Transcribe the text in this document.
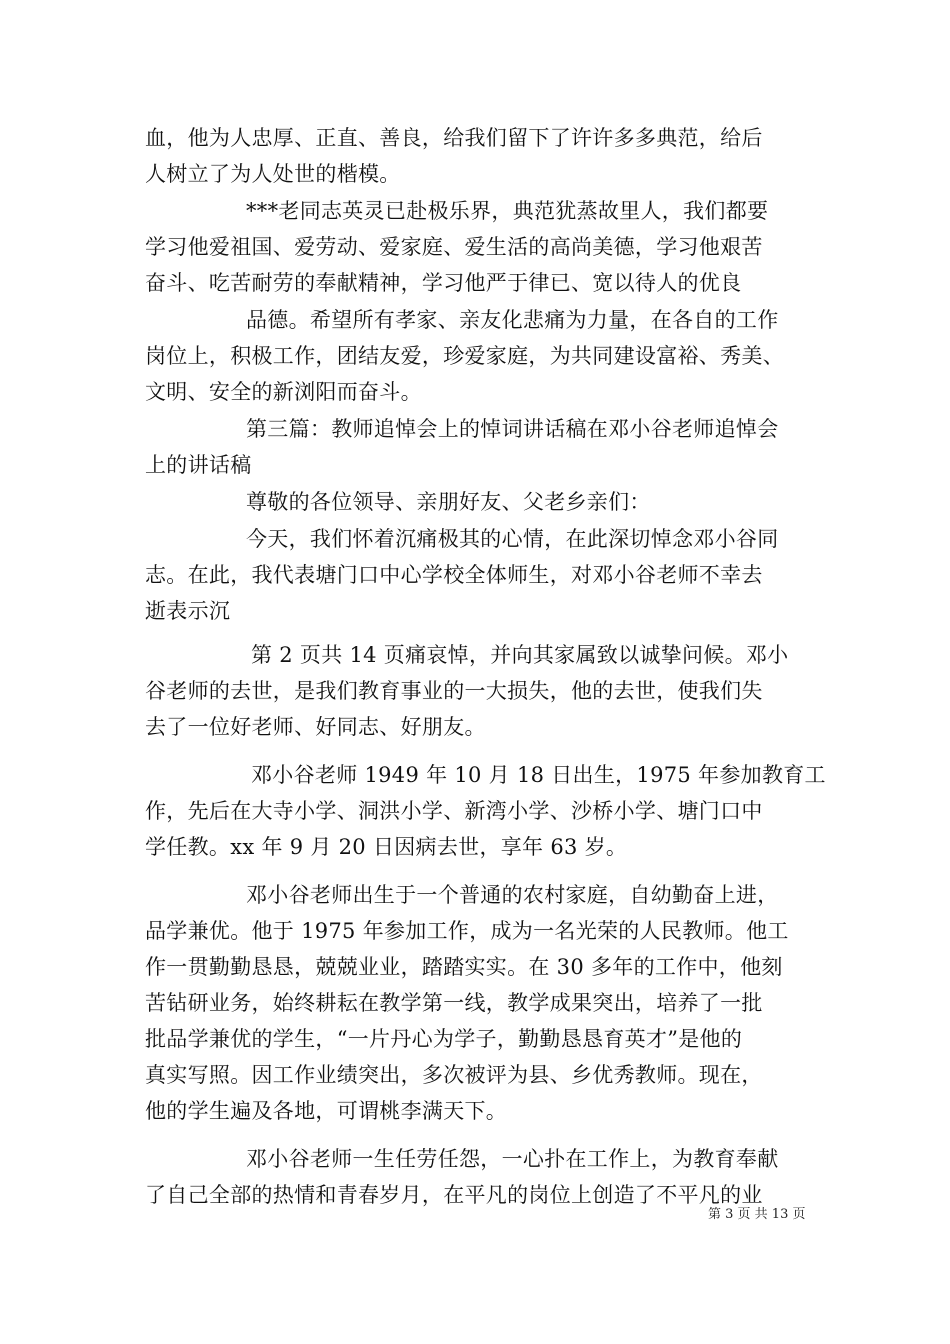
血，他为人忠厚、正直、善良，给我们留下了许许多多典范，给后
人树立了为人处世的楷模。
***老同志英灵已赴极乐界，典范犹蒸故里人，我们都要
学习他爱祖国、爱劳动、爱家庭、爱生活的高尚美德，学习他艰苦
奋斗、吃苦耐劳的奉献精神，学习他严于律已、宽以待人的优良
品德。希望所有孝家、亲友化悲痛为力量，在各自的工作
岗位上，积极工作，团结友爱，珍爱家庭，为共同建设富裕、秀美、
文明、安全的新浏阳而奋斗。
第三篇：教师追悼会上的悼词讲话稿在邓小谷老师追悼会
上的讲话稿
尊敬的各位领导、亲朋好友、父老乡亲们：
今天，我们怀着沉痛极其的心情，在此深切悼念邓小谷同
志。在此，我代表塘门口中心学校全体师生，对邓小谷老师不幸去
逝表示沉
第 2 页共 14 页痛哀悼，并向其家属致以诚挚问候。邓小
谷老师的去世，是我们教育事业的一大损失，他的去世，使我们失
去了一位好老师、好同志、好朋友。
邓小谷老师 1949 年 10 月 18 日出生，1975 年参加教育工
作，先后在大寺小学、洞洪小学、新湾小学、沙桥小学、塘门口中
学任教。xx 年 9 月 20 日因病去世，享年 63 岁。
邓小谷老师出生于一个普通的农村家庭，自幼勤奋上进，
品学兼优。他于 1975 年参加工作，成为一名光荣的人民教师。他工
作一贯勤勤恳恳，兢兢业业，踏踏实实。在 30 多年的工作中，他刻
苦钻研业务，始终耕耘在教学第一线，教学成果突出，培养了一批
批品学兼优的学生，“一片丹心为学子，勤勤恳恳育英才”是他的
真实写照。因工作业绩突出，多次被评为县、乡优秀教师。现在，
他的学生遍及各地，可谓桃李满天下。
邓小谷老师一生任劳任怨，一心扑在工作上，为教育奉献
了自己全部的热情和青春岁月，在平凡的岗位上创造了不平凡的业
第 3 页 共 13 页
